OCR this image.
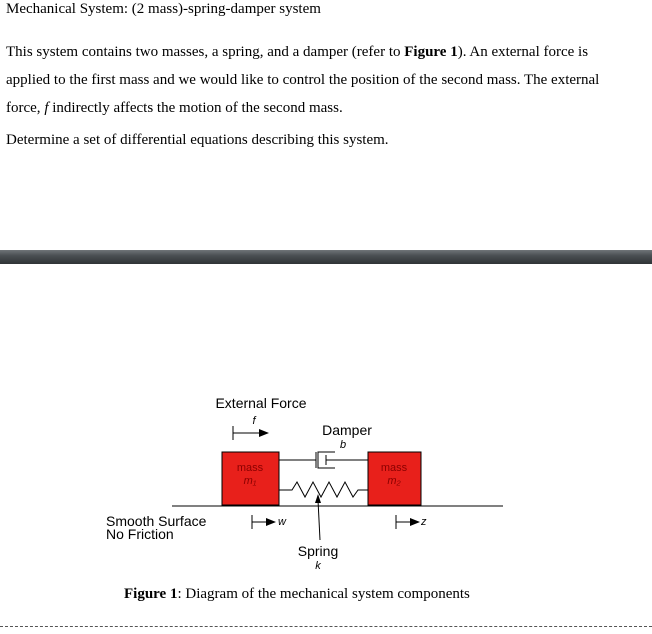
Mechanical System: (2 mass)-spring-damper system
This system contains two masses, a spring, and a damper (refer to Figure 1). An external force is applied to the first mass and we would like to control the position of the second mass. The external force, f indirectly affects the motion of the second mass.
Determine a set of differential equations describing this system.
mass
m₁
mass
m₂
Damper
b
Spring
k
External Force
f
w	z
Smooth Surface
No Friction
Figure 1: Diagram of the mechanical system components
